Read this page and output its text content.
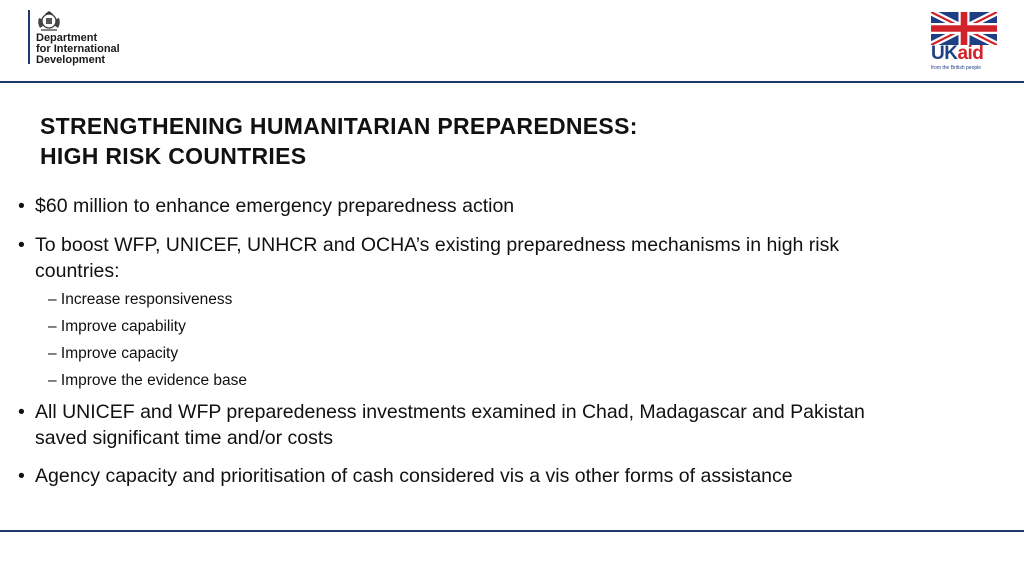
Department
for International
Development	UKaid
from the British people
STRENGTHENING HUMANITARIAN PREPAREDNESS:
HIGH RISK COUNTRIES
• $60 million to enhance emergency preparedness action
• To boost WFP, UNICEF, UNHCR and OCHA’s existing preparedness mechanisms in high risk
countries:
– Increase responsiveness
– Improve capability
– Improve capacity
– Improve the evidence base
• All UNICEF and WFP preparedeness investments examined in Chad, Madagascar and Pakistan
saved significant time and/or costs
• Agency capacity and prioritisation of cash considered vis a vis other forms of assistance
